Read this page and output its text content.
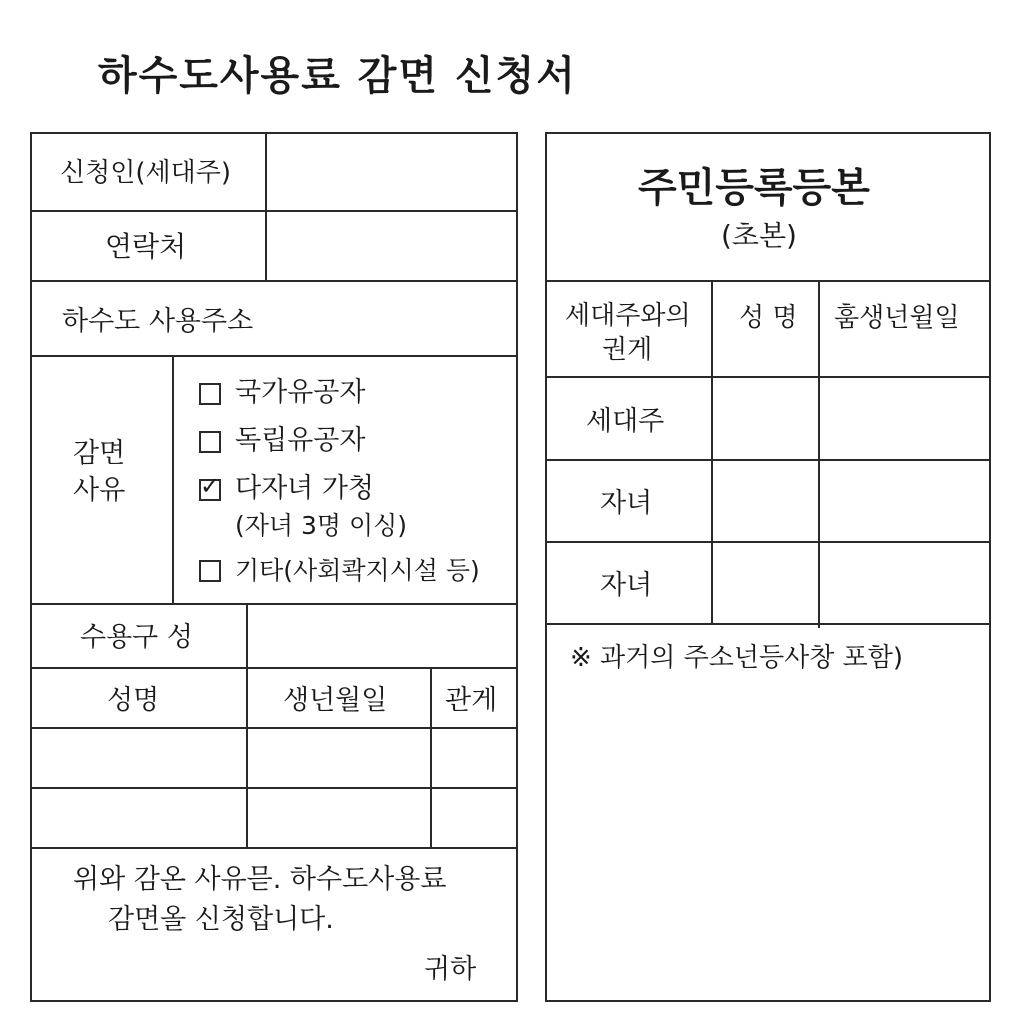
하수도사용료 감면 신청서
신청인(세대주)
연락처
하수도 사용주소
감면
사유
국가유공자
독립유공자
✓ 다자녀 가청
(자녀 3명 이싱)
기타(사회콱지시설 등)
수용구 성
성명	생넌월일 관게
위와 감온 사유믇. 하수도사용료
감면올 신청합니다.
귀하
주민등록등본
(초본)
세대주와의
권게
성 명 훔생넌윌일
세대주
자녀
자녀
※ 과거의 주소넌등사창 포함)
